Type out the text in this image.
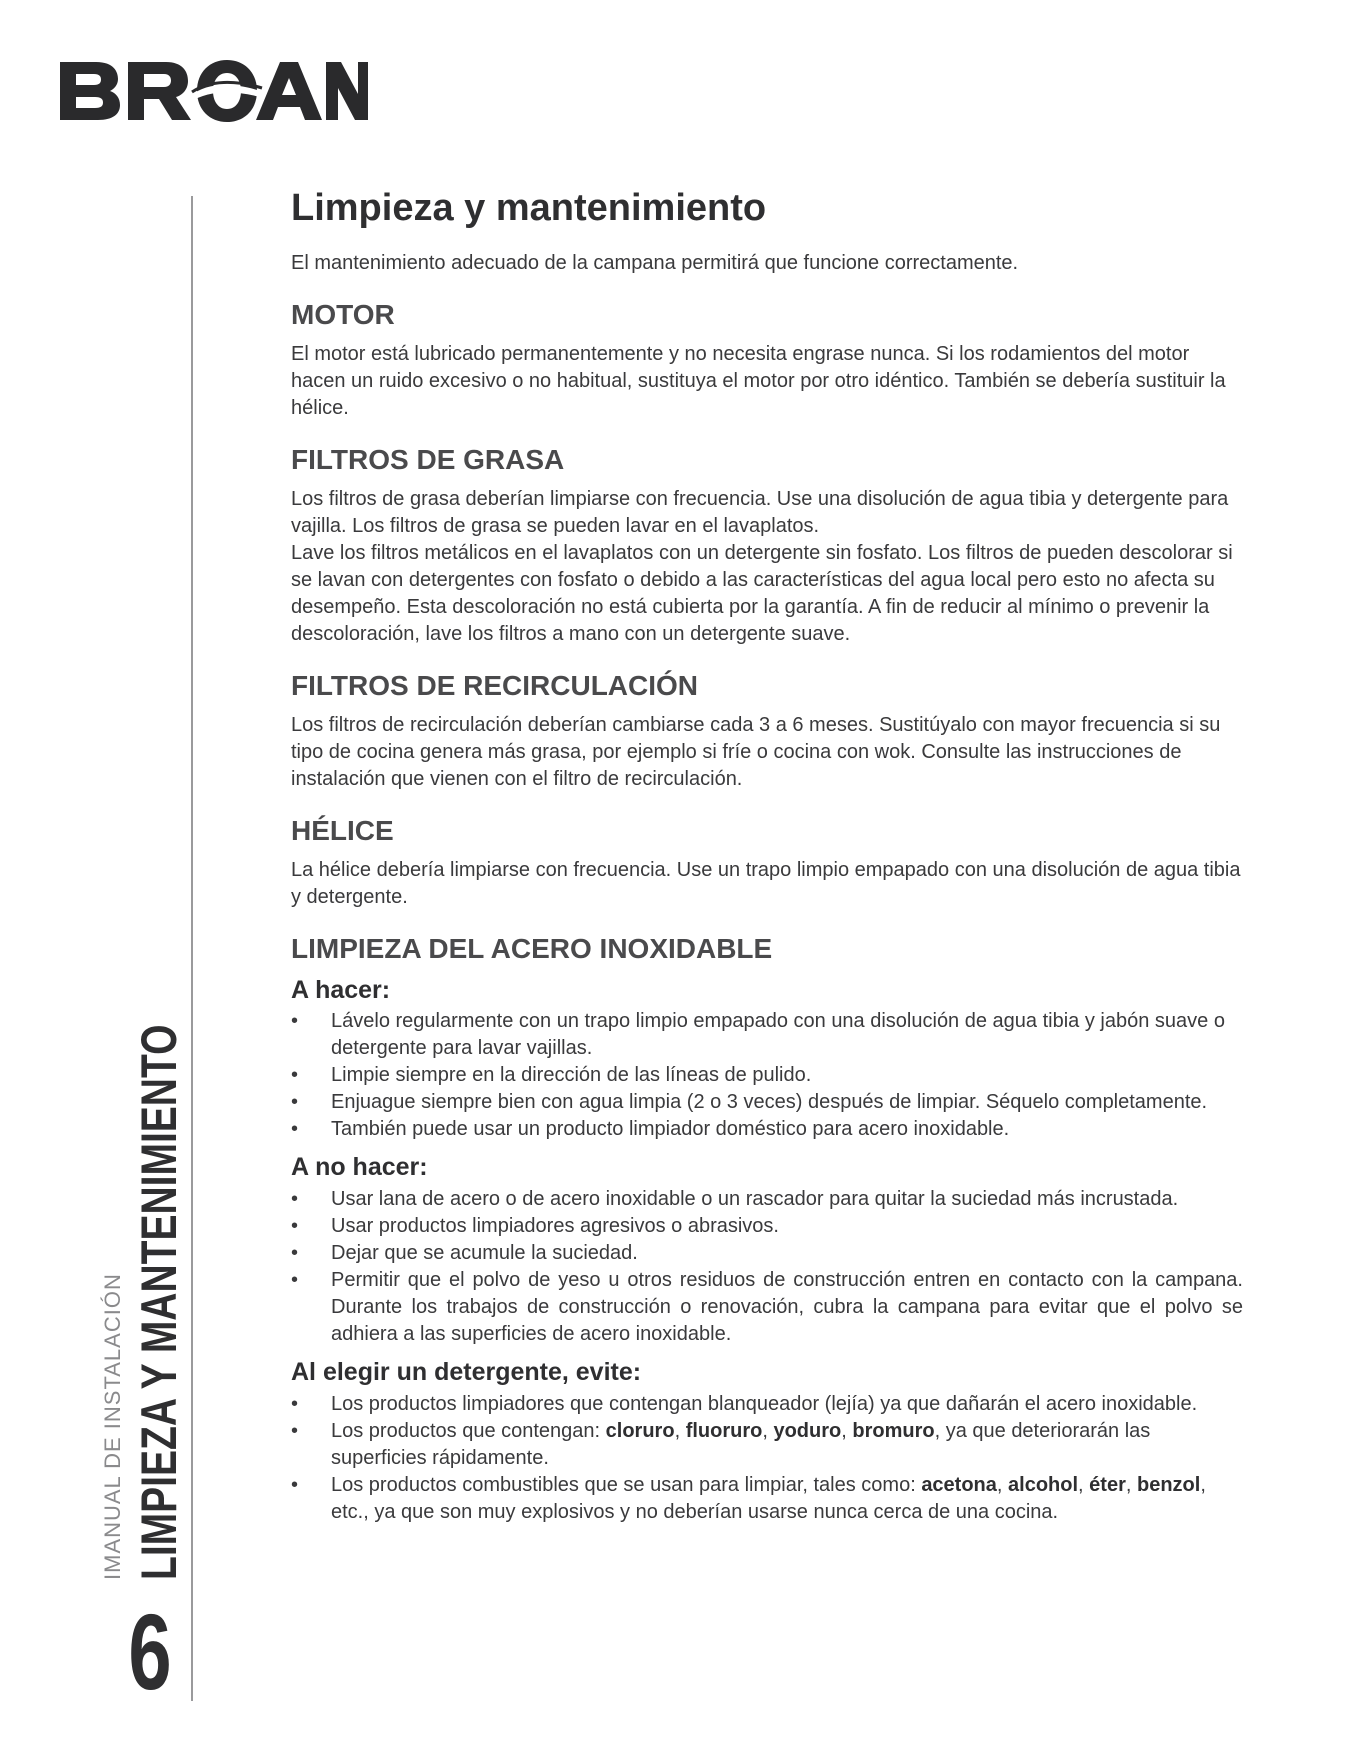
IMANUAL DE INSTALACIÓN LIMPIEZA Y MANTENIMIENTO
6
Limpieza y mantenimiento

El mantenimiento adecuado de la campana permitirá que funcione correctamente.

MOTOR

El motor está lubricado permanentemente y no necesita engrase nunca. Si los rodamientos del motor hacen un ruido excesivo o no habitual, sustituya el motor por otro idéntico. También se debería sustituir la hélice.

FILTROS DE GRASA

Los filtros de grasa deberían limpiarse con frecuencia. Use una disolución de agua tibia y detergente para vajilla. Los filtros de grasa se pueden lavar en el lavaplatos.

Lave los filtros metálicos en el lavaplatos con un detergente sin fosfato. Los filtros de pueden descolorar si se lavan con detergentes con fosfato o debido a las características del agua local pero esto no afecta su desempeño. Esta descoloración no está cubierta por la garantía. A fin de reducir al mínimo o prevenir la descoloración, lave los filtros a mano con un detergente suave.

FILTROS DE RECIRCULACIÓN

Los filtros de recirculación deberían cambiarse cada 3 a 6 meses. Sustitúyalo con mayor frecuencia si su tipo de cocina genera más grasa, por ejemplo si fríe o cocina con wok. Consulte las instrucciones de instalación que vienen con el filtro de recirculación.

HÉLICE

La hélice debería limpiarse con frecuencia. Use un trapo limpio empapado con una disolución de agua tibia y detergente.

LIMPIEZA DEL ACERO INOXIDABLE
A hacer:
•	Lávelo regularmente con un trapo limpio empapado con una disolución de agua tibia y jabón suave o detergente para lavar vajillas.
•	Limpie siempre en la dirección de las líneas de pulido.
•	Enjuague siempre bien con agua limpia (2 o 3 veces) después de limpiar. Séquelo completamente.
•	También puede usar un producto limpiador doméstico para acero inoxidable.
A no hacer:
•	Usar lana de acero o de acero inoxidable o un rascador para quitar la suciedad más incrustada.
•	Usar productos limpiadores agresivos o abrasivos.
•	Dejar que se acumule la suciedad.
•	Permitir que el polvo de yeso u otros residuos de construcción entren en contacto con la campana. Durante los trabajos de construcción o renovación, cubra la campana para evitar que el polvo se adhiera a las superficies de acero inoxidable.
Al elegir un detergente, evite:
•	Los productos limpiadores que contengan blanqueador (lejía) ya que dañarán el acero inoxidable.
•	Los productos que contengan: cloruro, fluoruro, yoduro, bromuro, ya que deteriorarán las superficies rápidamente.
•	Los productos combustibles que se usan para limpiar, tales como: acetona, alcohol, éter, benzol, etc., ya que son muy explosivos y no deberían usarse nunca cerca de una cocina.
